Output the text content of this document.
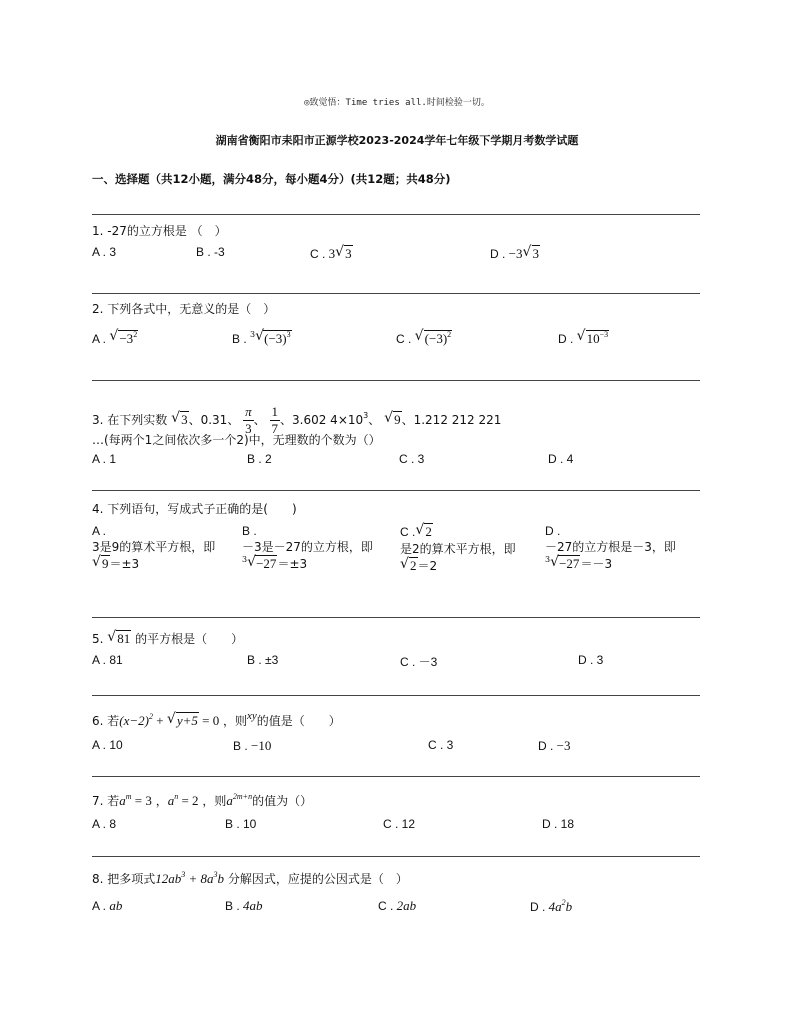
◎致觉悟：Time tries all.时间检验一切。
湖南省衡阳市耒阳市正源学校2023-2024学年七年级下学期月考数学试题
一、选择题（共12小题，满分48分，每小题4分）(共12题；共48分)
1. -27的立方根是 （　）
A . 3	B . -3	C . 3 √ 3	D . −3 √ 3
2. 下列各式中，无意义的是（　）
A . √ $-3^2$	B . $^3$ √ $(-3)^3$	C . √ $(-3)^2$	D . √ $10^{-3}$
3. 在下列实数 √ 3、0.31、 $\frac{\pi}{3}$ 、 $\frac{1}{7}$ 、3.602 $4\times 10^3$、 √ 9、1.212 212 221
…(每两个1之间依次多一个2)中，无理数的个数为（）
A . 1	B . 2	C . 3	D . 4
4. 下列语句，写成式子正确的是(　　)
A .
3是9的算术平方根，即
√ 9＝±3
B .
－3是－27的立方根，即
$^3$ √ −27＝±3
C . √ 2
是2的算术平方根，即
√ 2＝2
D .
－27的立方根是－3，即
$^3$ √ −27＝－3
5. √ 81 的平方根是（　　）
A . 81	B . ±3	C . －3	D . 3
6. 若$(x-2)^2$ + √ y+5 = 0 ，则xy的值是（　　）
A . 10	B . −10	C . 3	D . −3
7. 若$a^m = 3$ ，$a^n = 2$ ，则$a^{2m+n}$的值为（）
A . 8	B . 10	C . 12	D . 18
8. 把多项式$12ab^3 + 8a^3b$ 分解因式，应提的公因式是（　）
A . ab	B . 4ab	C . 2ab	D . $4a^2b$
